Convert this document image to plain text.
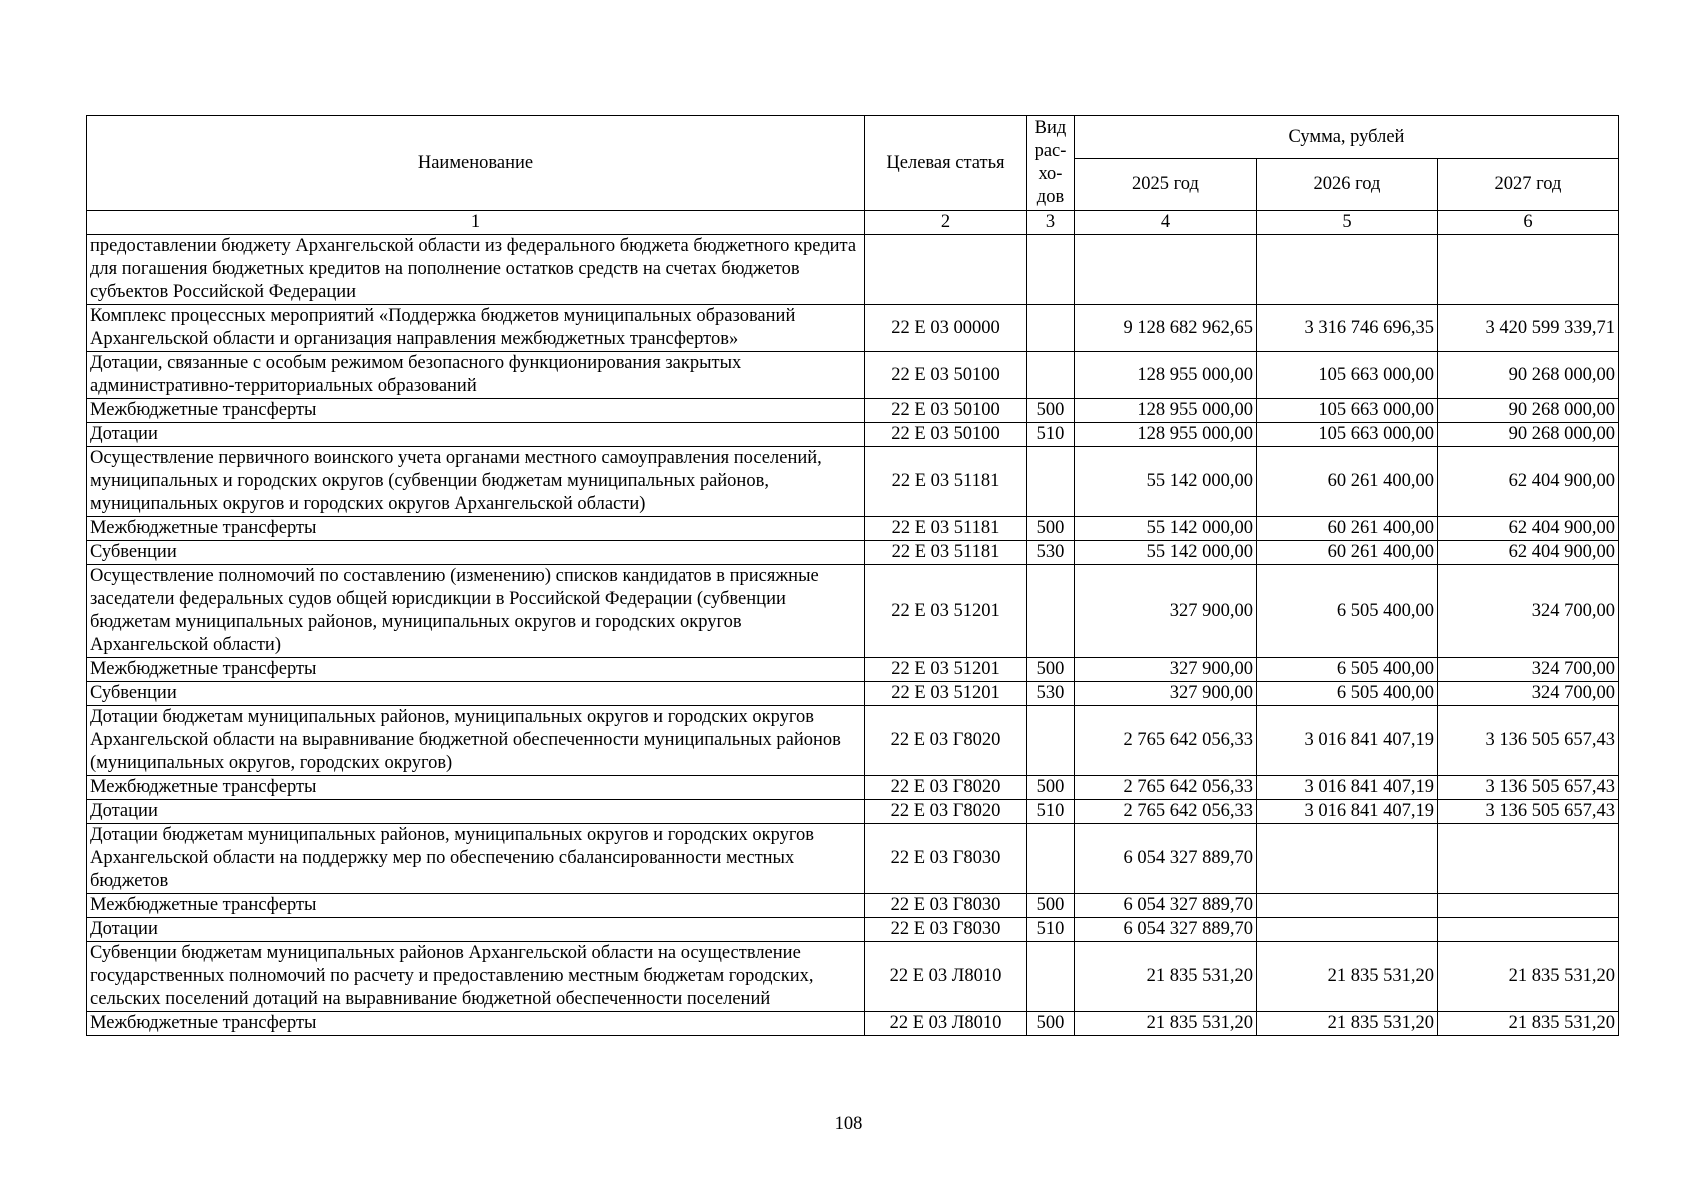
Наименование	Целевая статья	Вид
рас-
хо-
дов	Сумма, рублей		
			2025 год	2026 год	2027 год
1	2	3	4	5	6
предоставлении бюджету Архангельской области из федерального бюджета бюджетного кредита для погашения бюджетных кредитов на пополнение остатков средств на счетах бюджетов субъектов Российской Федерации					
Комплекс процессных мероприятий «Поддержка бюджетов муниципальных образований Архангельской области и организация направления межбюджетных трансфертов»	22 Е 03 00000		9 128 682 962,65	3 316 746 696,35	3 420 599 339,71
Дотации, связанные с особым режимом безопасного функционирования закрытых административно-территориальных образований	22 Е 03 50100		128 955 000,00	105 663 000,00	90 268 000,00
Межбюджетные трансферты	22 Е 03 50100	500	128 955 000,00	105 663 000,00	90 268 000,00
Дотации	22 Е 03 50100	510	128 955 000,00	105 663 000,00	90 268 000,00
Осуществление первичного воинского учета органами местного самоуправления поселений, муниципальных и городских округов (субвенции бюджетам муниципальных районов, муниципальных округов и городских округов Архангельской области)	22 Е 03 51181		55 142 000,00	60 261 400,00	62 404 900,00
Межбюджетные трансферты	22 Е 03 51181	500	55 142 000,00	60 261 400,00	62 404 900,00
Субвенции	22 Е 03 51181	530	55 142 000,00	60 261 400,00	62 404 900,00
Осуществление полномочий по составлению (изменению) списков кандидатов в присяжные заседатели федеральных судов общей юрисдикции в Российской Федерации (субвенции бюджетам муниципальных районов, муниципальных округов и городских округов Архангельской области)	22 Е 03 51201		327 900,00	6 505 400,00	324 700,00
Межбюджетные трансферты	22 Е 03 51201	500	327 900,00	6 505 400,00	324 700,00
Субвенции	22 Е 03 51201	530	327 900,00	6 505 400,00	324 700,00
Дотации бюджетам муниципальных районов, муниципальных округов и городских округов Архангельской области на выравнивание бюджетной обеспеченности муниципальных районов (муниципальных округов, городских округов)	22 Е 03 Г8020		2 765 642 056,33	3 016 841 407,19	3 136 505 657,43
Межбюджетные трансферты	22 Е 03 Г8020	500	2 765 642 056,33	3 016 841 407,19	3 136 505 657,43
Дотации	22 Е 03 Г8020	510	2 765 642 056,33	3 016 841 407,19	3 136 505 657,43
Дотации бюджетам муниципальных районов, муниципальных округов и городских округов Архангельской области на поддержку мер по обеспечению сбалансированности местных бюджетов	22 Е 03 Г8030		6 054 327 889,70		
Межбюджетные трансферты	22 Е 03 Г8030	500	6 054 327 889,70		
Дотации	22 Е 03 Г8030	510	6 054 327 889,70		
Субвенции бюджетам муниципальных районов Архангельской области на осуществление государственных полномочий по расчету и предоставлению местным бюджетам городских, сельских поселений дотаций на выравнивание бюджетной обеспеченности поселений	22 Е 03 Л8010		21 835 531,20	21 835 531,20	21 835 531,20
Межбюджетные трансферты	22 Е 03 Л8010	500	21 835 531,20	21 835 531,20	21 835 531,20
108
